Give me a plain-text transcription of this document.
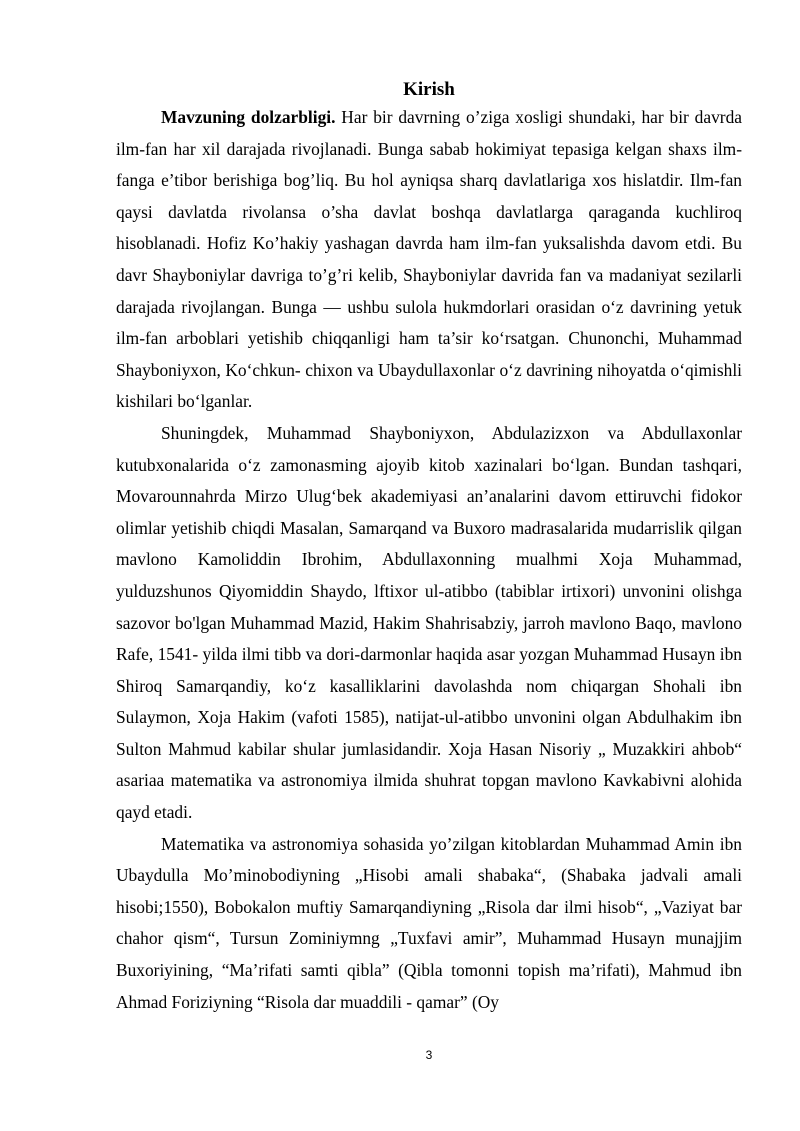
Kirish

Mavzuning dolzarbligi. Har bir davrning o’ziga xosligi shundaki, har bir davrda ilm-fan har xil darajada rivojlanadi. Bunga sabab hokimiyat tepasiga kelgan shaxs ilm-fanga e’tibor berishiga bog’liq. Bu hol ayniqsa sharq davlatlariga xos hislatdir. Ilm-fan qaysi davlatda rivolansa o’sha davlat boshqa davlatlarga qaraganda kuchliroq hisoblanadi. Hofiz Ko’hakiy yashagan davrda ham ilm-fan yuksalishda davom etdi. Bu davr Shayboniylar davriga to’g’ri kelib, Shayboniylar davrida fan va madaniyat sezilarli darajada rivojlangan. Bunga — ushbu sulola hukmdorlari orasidan o‘z davrining yetuk ilm-fan arboblari yetishib chiqqanligi ham ta’sir ko‘rsatgan. Chunonchi, Muhammad Shayboniyxon, Ko‘chkun- chixon va Ubaydullaxonlar o‘z davrining nihoyatda o‘qimishli kishilari bo‘lganlar.

Shuningdek, Muhammad Shayboniyxon, Abdulazizxon va Abdullaxonlar kutubxonalarida o‘z zamonasming ajoyib kitob xazinalari bo‘lgan. Bundan tashqari, Movarounnahrda Mirzo Ulug‘bek akademiyasi an’analarini davom ettiruvchi fidokor olimlar yetishib chiqdi Masalan, Samarqand va Buxoro madrasalarida mudarrislik qilgan mavlono Kamoliddin Ibrohim, Abdullaxonning mualhmi Xoja Muhammad, yulduzshunos Qiyomiddin Shaydo, lftixor ul-atibbo (tabiblar irtixori) unvonini olishga sazovor bo'lgan Muhammad Mazid, Hakim Shahrisabziy, jarroh mavlono Baqo, mavlono Rafe, 1541- yilda ilmi tibb va dori-darmonlar haqida asar yozgan Muhammad Husayn ibn Shiroq Samarqandiy, ko‘z kasalliklarini davolashda nom chiqargan Shohali ibn Sulaymon, Xoja Hakim (vafoti 1585), natijat-ul-atibbo unvonini olgan Abdulhakim ibn Sulton Mahmud kabilar shular jumlasidandir. Xoja Hasan Nisoriy „ Muzakkiri ahbob“ asariaa matematika va astronomiya ilmida shuhrat topgan mavlono Kavkabivni alohida qayd etadi.

Matematika va astronomiya sohasida yo’zilgan kitoblardan Muhammad Amin ibn Ubaydulla Mo’minobodiyning „Hisobi amali shabaka“, (Shabaka jadvali amali hisobi;1550), Bobokalon muftiy Samarqandiyning „Risola dar ilmi hisob“, „Vaziyat bar chahor qism“, Tursun Zominiymng „Tuxfavi amir”, Muhammad Husayn munajjim Buxoriyining, “Ma’rifati samti qibla” (Qibla tomonni topish ma’rifati), Mahmud ibn Ahmad Foriziyning “Risola dar muaddili - qamar” (Oy

3
